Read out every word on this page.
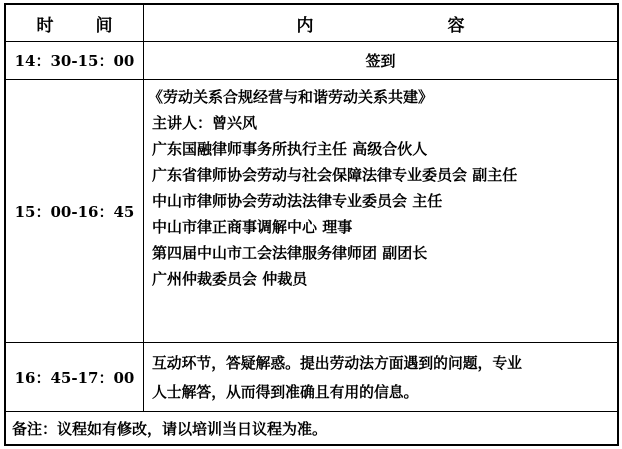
时 间	内 容
14：30-15：00	签到
15：00-16：45
《劳动关系合规经营与和谐劳动关系共建》
主讲人：曾兴风
广东国融律师事务所执行主任 高级合伙人
广东省律师协会劳动与社会保障法律专业委员会 副主任
中山市律师协会劳动法法律专业委员会 主任
中山市律正商事调解中心 理事
第四届中山市工会法律服务律师团 副团长
广州仲裁委员会 仲裁员
16：45-17：00
互动环节，答疑解惑。提出劳动法方面遇到的问题，专业
人士解答，从而得到准确且有用的信息。
备注：议程如有修改，请以培训当日议程为准。
